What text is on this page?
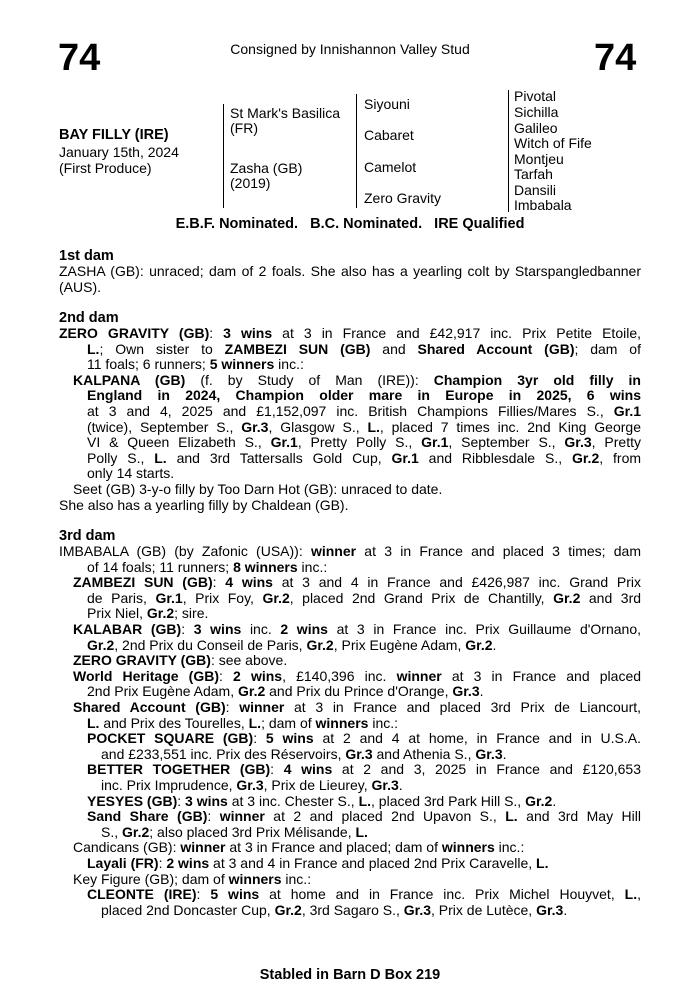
74	Consigned by Innishannon Valley Stud	74
BAY FILLY (IRE)
January 15th, 2024
(First Produce)
St Mark's Basilica (FR)
Zasha (GB) (2019)
Siyouni
Cabaret
Camelot
Zero Gravity
Pivotal
Sichilla
Galileo
Witch of Fife
Montjeu
Tarfah
Dansili
Imbabala
E.B.F. Nominated.   B.C. Nominated.   IRE Qualified
1st dam
ZASHA (GB): unraced; dam of 2 foals. She also has a yearling colt by Starspangledbanner (AUS).
2nd dam
ZERO GRAVITY (GB): 3 wins at 3 in France and £42,917 inc. Prix Petite Etoile,
L.; Own sister to ZAMBEZI SUN (GB) and Shared Account (GB); dam of
11 foals; 6 runners; 5 winners inc.:
KALPANA (GB) (f. by Study of Man (IRE)): Champion 3yr old filly in
England in 2024, Champion older mare in Europe in 2025, 6 wins
at 3 and 4, 2025 and £1,152,097 inc. British Champions Fillies/Mares S., Gr.1
(twice), September S., Gr.3, Glasgow S., L., placed 7 times inc. 2nd King George
VI & Queen Elizabeth S., Gr.1, Pretty Polly S., Gr.1, September S., Gr.3, Pretty
Polly S., L. and 3rd Tattersalls Gold Cup, Gr.1 and Ribblesdale S., Gr.2, from
only 14 starts.
Seet (GB) 3-y-o filly by Too Darn Hot (GB): unraced to date.
She also has a yearling filly by Chaldean (GB).
3rd dam
IMBABALA (GB) (by Zafonic (USA)): winner at 3 in France and placed 3 times; dam
of 14 foals; 11 runners; 8 winners inc.:
ZAMBEZI SUN (GB): 4 wins at 3 and 4 in France and £426,987 inc. Grand Prix
de Paris, Gr.1, Prix Foy, Gr.2, placed 2nd Grand Prix de Chantilly, Gr.2 and 3rd
Prix Niel, Gr.2; sire.
KALABAR (GB): 3 wins inc. 2 wins at 3 in France inc. Prix Guillaume d'Ornano,
Gr.2, 2nd Prix du Conseil de Paris, Gr.2, Prix Eugène Adam, Gr.2.
ZERO GRAVITY (GB): see above.
World Heritage (GB): 2 wins, £140,396 inc. winner at 3 in France and placed
2nd Prix Eugène Adam, Gr.2 and Prix du Prince d'Orange, Gr.3.
Shared Account (GB): winner at 3 in France and placed 3rd Prix de Liancourt,
L. and Prix des Tourelles, L.; dam of winners inc.:
POCKET SQUARE (GB): 5 wins at 2 and 4 at home, in France and in U.S.A.
and £233,551 inc. Prix des Réservoirs, Gr.3 and Athenia S., Gr.3.
BETTER TOGETHER (GB): 4 wins at 2 and 3, 2025 in France and £120,653
inc. Prix Imprudence, Gr.3, Prix de Lieurey, Gr.3.
YESYES (GB): 3 wins at 3 inc. Chester S., L., placed 3rd Park Hill S., Gr.2.
Sand Share (GB): winner at 2 and placed 2nd Upavon S., L. and 3rd May Hill
S., Gr.2; also placed 3rd Prix Mélisande, L.
Candicans (GB): winner at 3 in France and placed; dam of winners inc.:
Layali (FR): 2 wins at 3 and 4 in France and placed 2nd Prix Caravelle, L.
Key Figure (GB); dam of winners inc.:
CLEONTE (IRE): 5 wins at home and in France inc. Prix Michel Houyvet, L.,
placed 2nd Doncaster Cup, Gr.2, 3rd Sagaro S., Gr.3, Prix de Lutèce, Gr.3.
Stabled in Barn D Box 219
